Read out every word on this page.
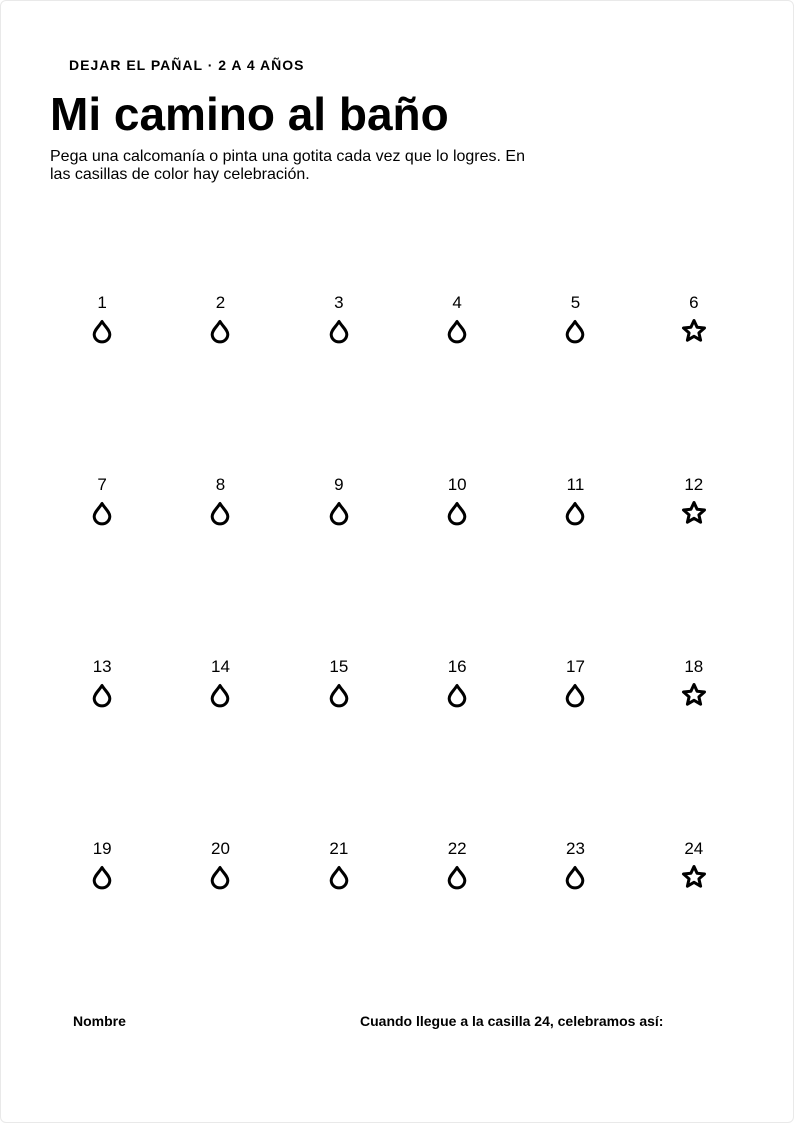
DEJAR EL PAÑAL · 2 A 4 AÑOS
Mi camino al baño

Pega una calcomanía o pinta una gotita cada vez que lo logres. En las casillas de color hay celebración.

1	2	3	4	5	6
7	8	9	10	11	12
13	14	15	16	17	18
19	20	21	22	23	24
Nombre	Cuando llegue a la casilla 24, celebramos así:
